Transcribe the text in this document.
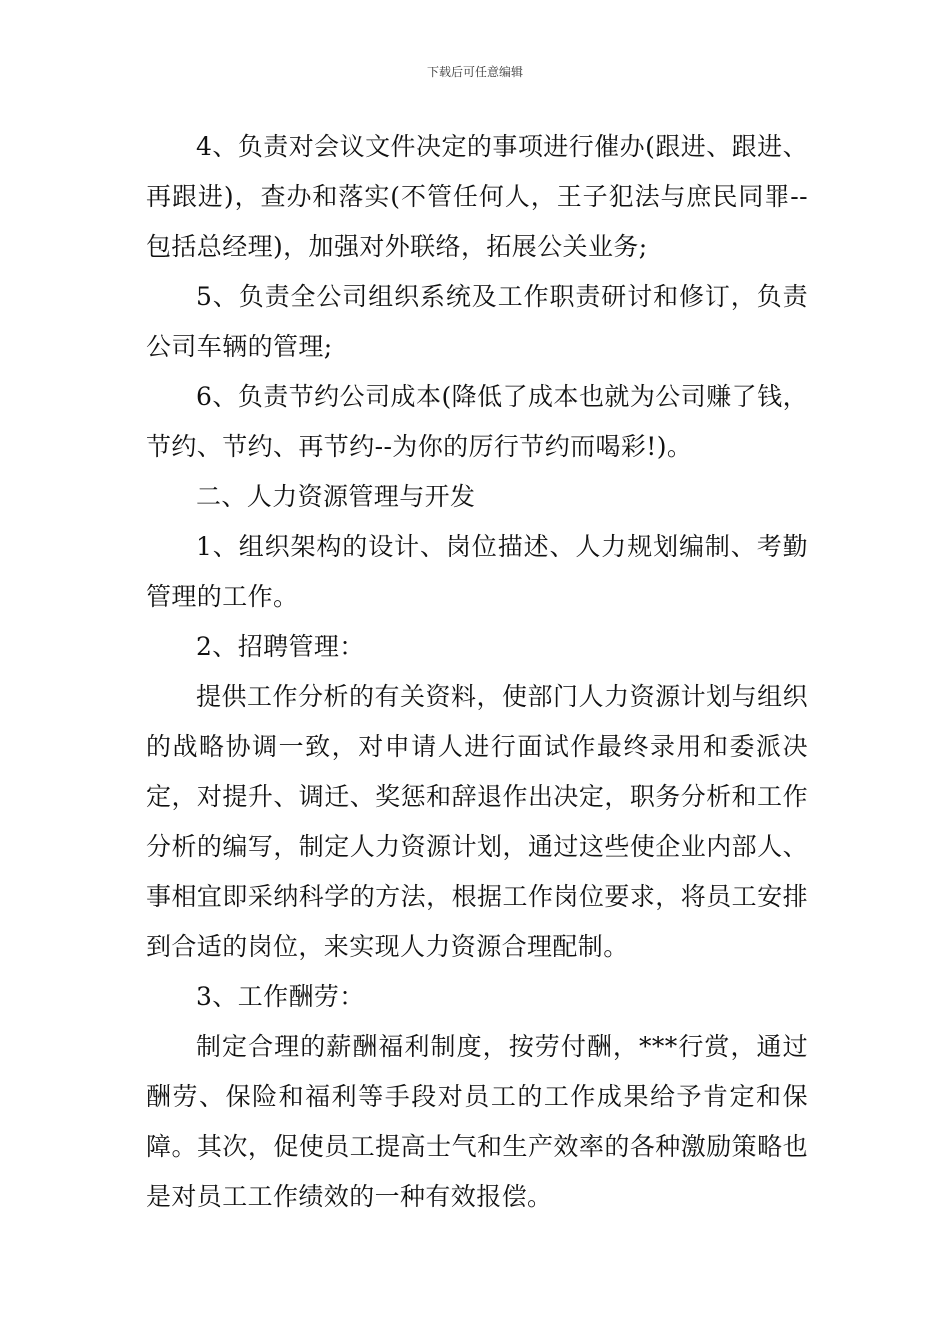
下载后可任意编辑

4、负责对会议文件决定的事项进行催办(跟进、跟进、再跟进)，查办和落实(不管任何人，王子犯法与庶民同罪--包括总经理)，加强对外联络，拓展公关业务;

5、负责全公司组织系统及工作职责研讨和修订，负责公司车辆的管理;

6、负责节约公司成本(降低了成本也就为公司赚了钱，节约、节约、再节约--为你的厉行节约而喝彩!)。

二、人力资源管理与开发

1、组织架构的设计、岗位描述、人力规划编制、考勤管理的工作。

2、招聘管理：

提供工作分析的有关资料，使部门人力资源计划与组织的战略协调一致，对申请人进行面试作最终录用和委派决定，对提升、调迁、奖惩和辞退作出决定，职务分析和工作分析的编写，制定人力资源计划，通过这些使企业内部人、事相宜即采纳科学的方法，根据工作岗位要求，将员工安排到合适的岗位，来实现人力资源合理配制。

3、工作酬劳：

制定合理的薪酬福利制度，按劳付酬，***行赏，通过酬劳、保险和福利等手段对员工的工作成果给予肯定和保障。其次，促使员工提高士气和生产效率的各种激励策略也是对员工工作绩效的一种有效报偿。
